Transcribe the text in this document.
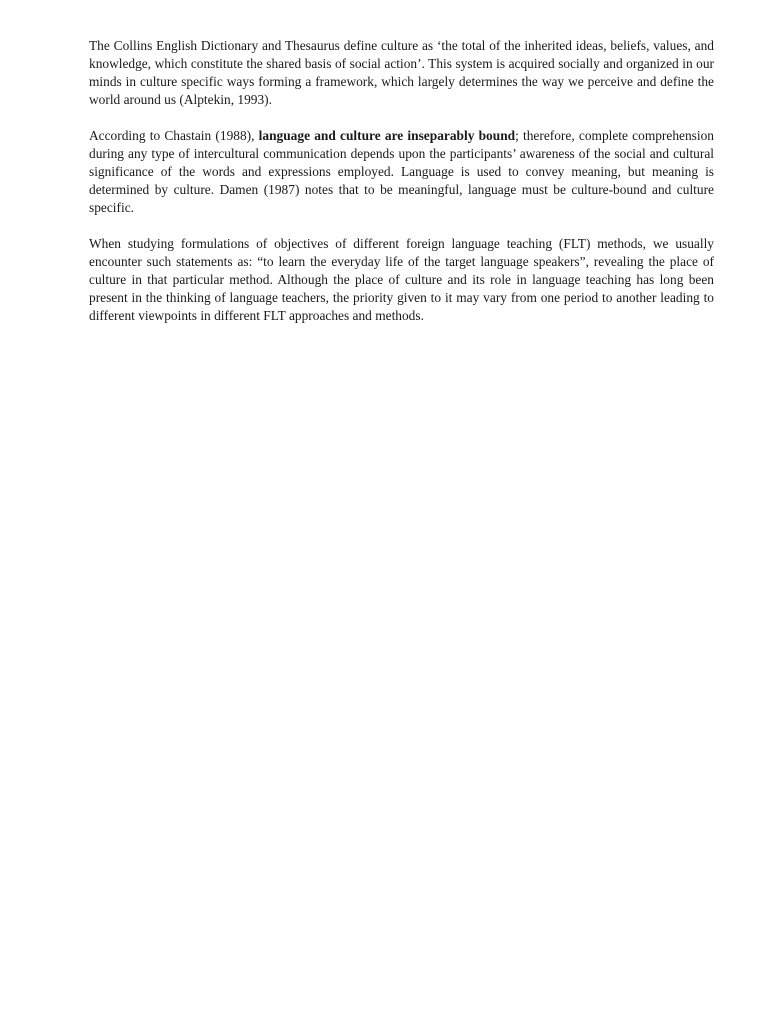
The Collins English Dictionary and Thesaurus define culture as ‘the total of the inherited ideas, beliefs, values, and knowledge, which constitute the shared basis of social action’. This system is acquired socially and organized in our minds in culture specific ways forming a framework, which largely determines the way we perceive and define the world around us (Alptekin, 1993).

According to Chastain (1988), language and culture are inseparably bound; therefore, complete comprehension during any type of intercultural communication depends upon the participants’ awareness of the social and cultural significance of the words and expressions employed. Language is used to convey meaning, but meaning is determined by culture. Damen (1987) notes that to be meaningful, language must be culture-bound and culture specific.

When studying formulations of objectives of different foreign language teaching (FLT) methods, we usually encounter such statements as: “to learn the everyday life of the target language speakers”, revealing the place of culture in that particular method. Although the place of culture and its role in language teaching has long been present in the thinking of language teachers, the priority given to it may vary from one period to another leading to different viewpoints in different FLT approaches and methods.
